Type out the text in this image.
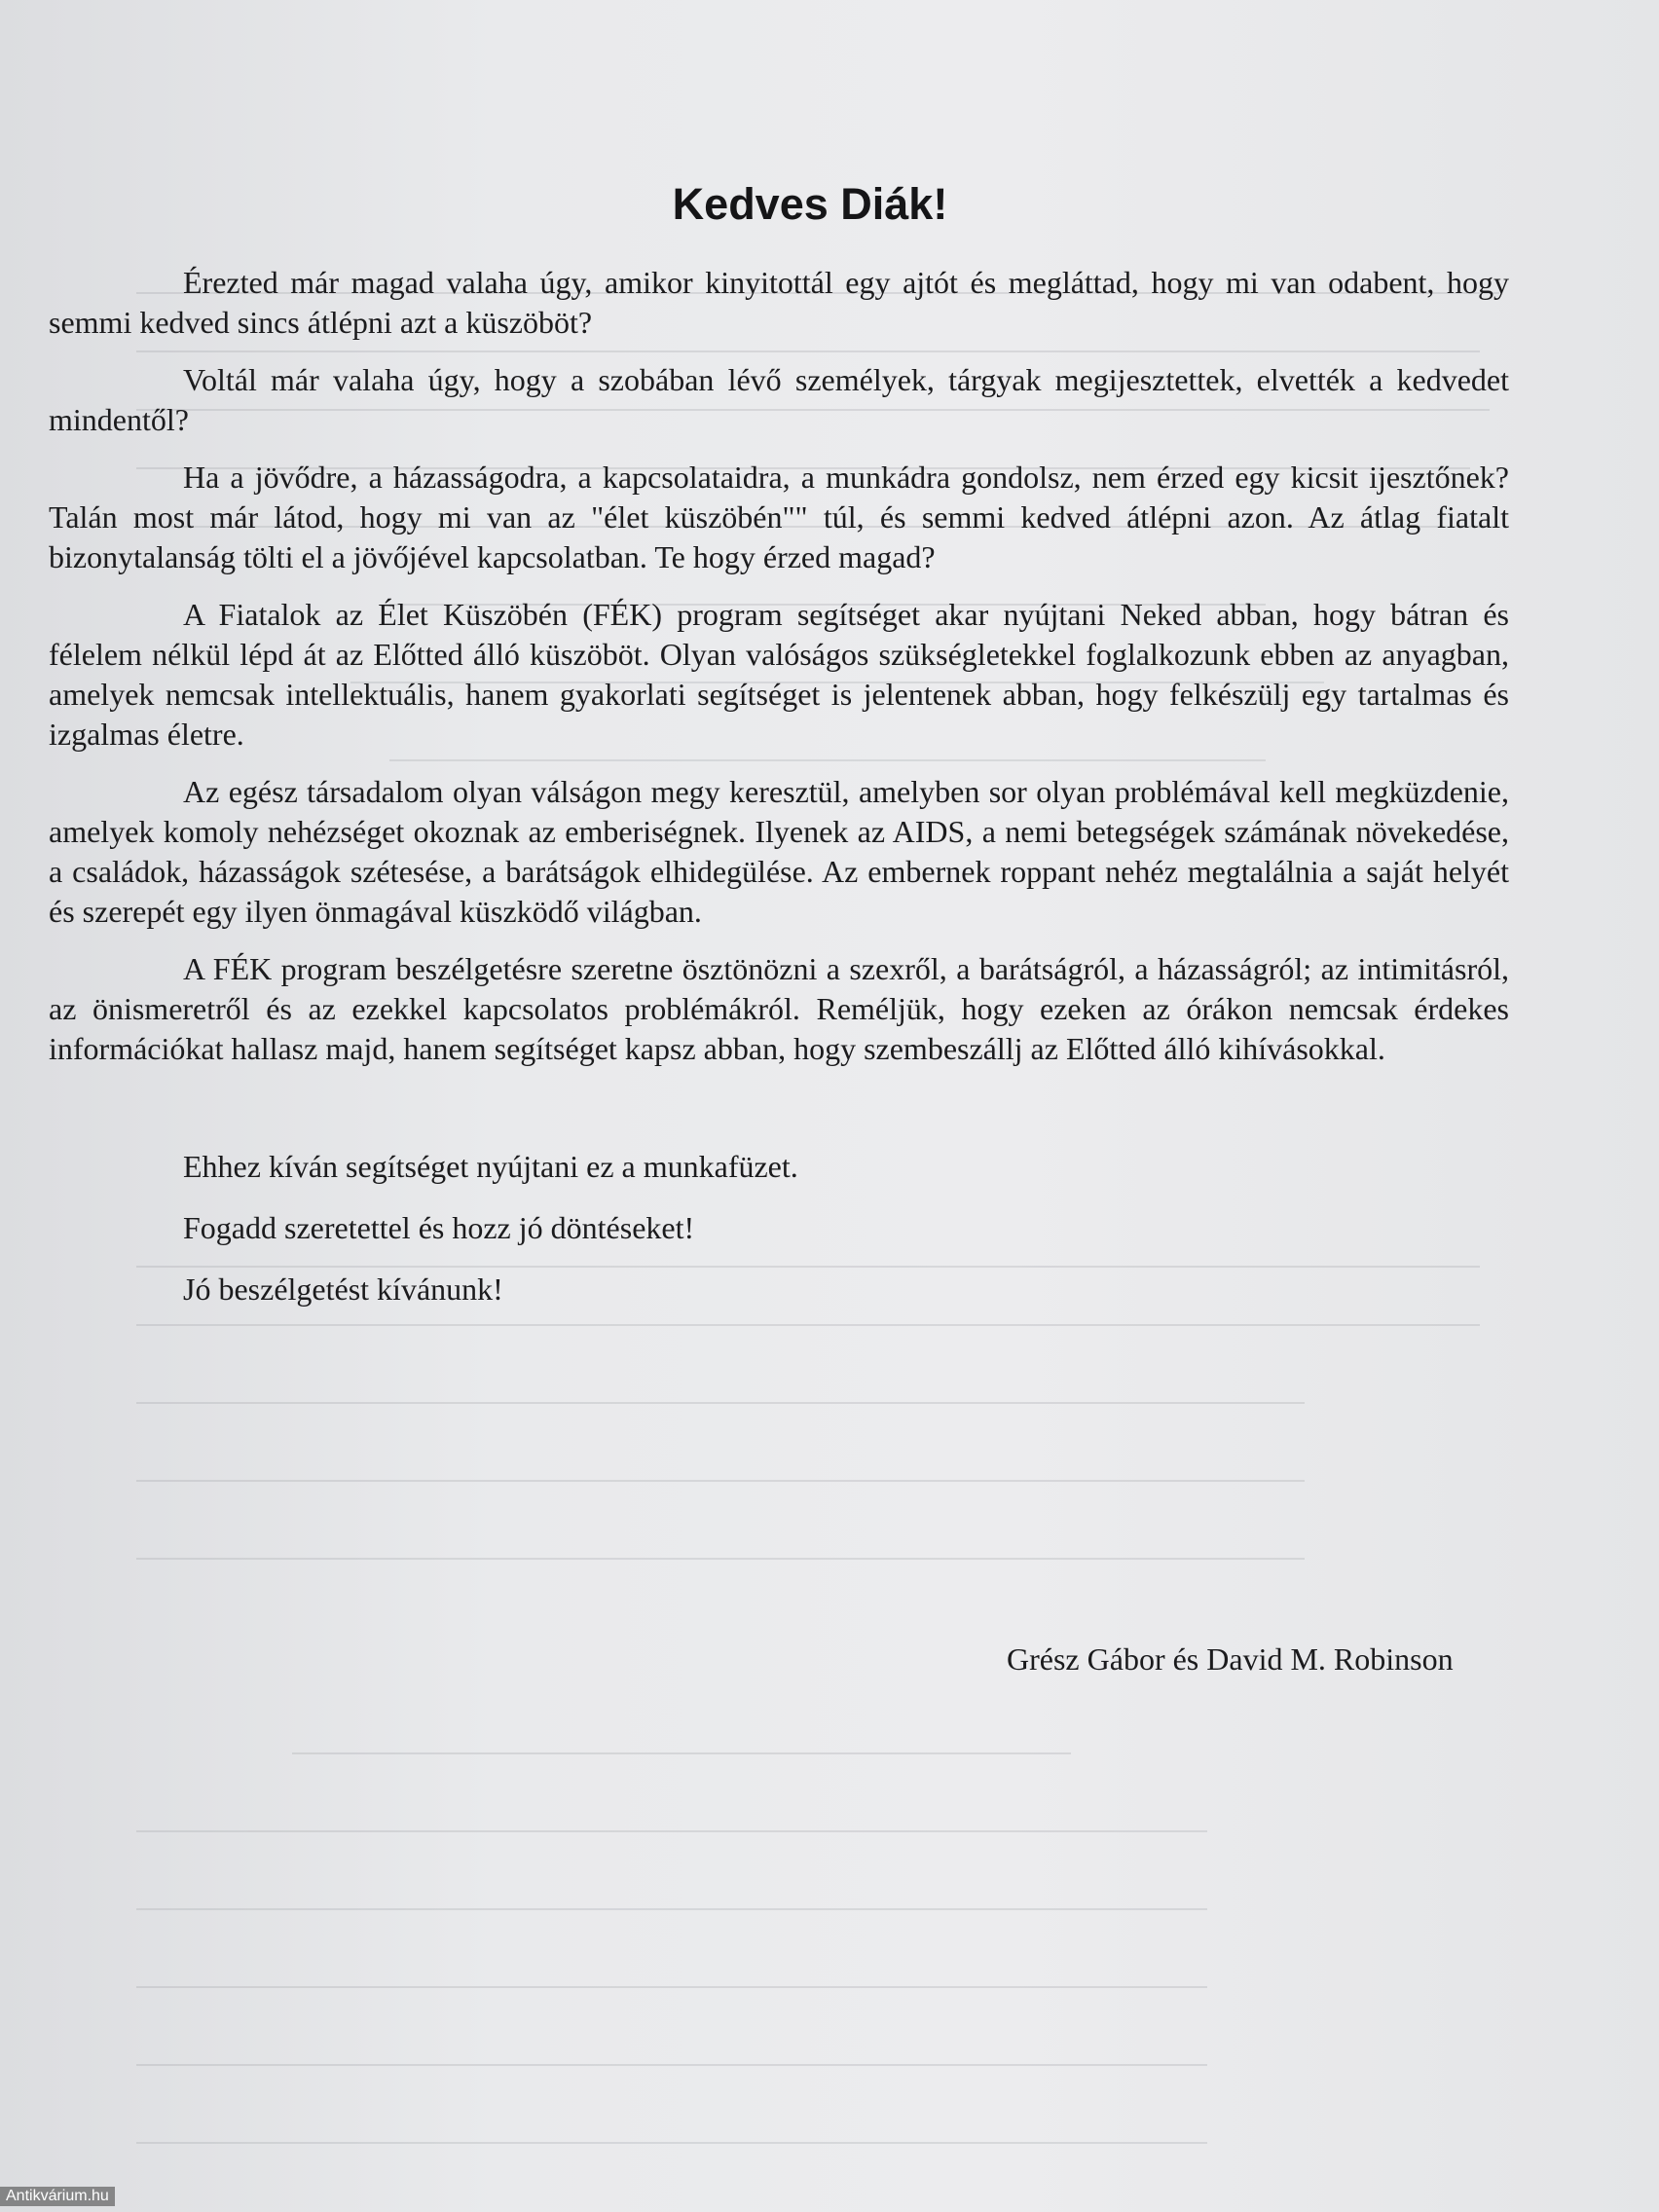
Kedves Diák!

Érezted már magad valaha úgy, amikor kinyitottál egy ajtót és megláttad, hogy mi van odabent, hogy semmi kedved sincs átlépni azt a küszöböt?

Voltál már valaha úgy, hogy a szobában lévő személyek, tárgyak megijesztettek, elvették a kedvedet mindentől?

Ha a jövődre, a házasságodra, a kapcsolataidra, a munkádra gondolsz, nem érzed egy kicsit ijesztőnek? Talán most már látod, hogy mi van az "élet küszöbén"" túl, és semmi kedved átlépni azon. Az átlag fiatalt bizonytalanság tölti el a jövőjével kapcsolatban. Te hogy érzed magad?

A Fiatalok az Élet Küszöbén (FÉK) program segítséget akar nyújtani Neked abban, hogy bátran és félelem nélkül lépd át az Előtted álló küszöböt. Olyan valóságos szükségletekkel foglalkozunk ebben az anyagban, amelyek nemcsak intellektuális, hanem gyakorlati segítséget is jelentenek abban, hogy felkészülj egy tartalmas és izgalmas életre.

Az egész társadalom olyan válságon megy keresztül, amelyben sor olyan problémával kell megküzdenie, amelyek komoly nehézséget okoznak az emberiségnek. Ilyenek az AIDS, a nemi betegségek számának növekedése, a családok, házasságok szétesése, a barátságok elhidegülése. Az embernek roppant nehéz megtalálnia a saját helyét és szerepét egy ilyen önmagával küszködő világban.

A FÉK program beszélgetésre szeretne ösztönözni a szexről, a barátságról, a házasságról; az intimitásról, az önismeretről és az ezekkel kapcsolatos problémákról. Reméljük, hogy ezeken az órákon nemcsak érdekes információkat hallasz majd, hanem segítséget kapsz abban, hogy szembeszállj az Előtted álló kihívásokkal.

Ehhez kíván segítséget nyújtani ez a munkafüzet.

Fogadd szeretettel és hozz jó döntéseket!

Jó beszélgetést kívánunk!

Grész Gábor és David M. Robinson
Antikvárium.hu
